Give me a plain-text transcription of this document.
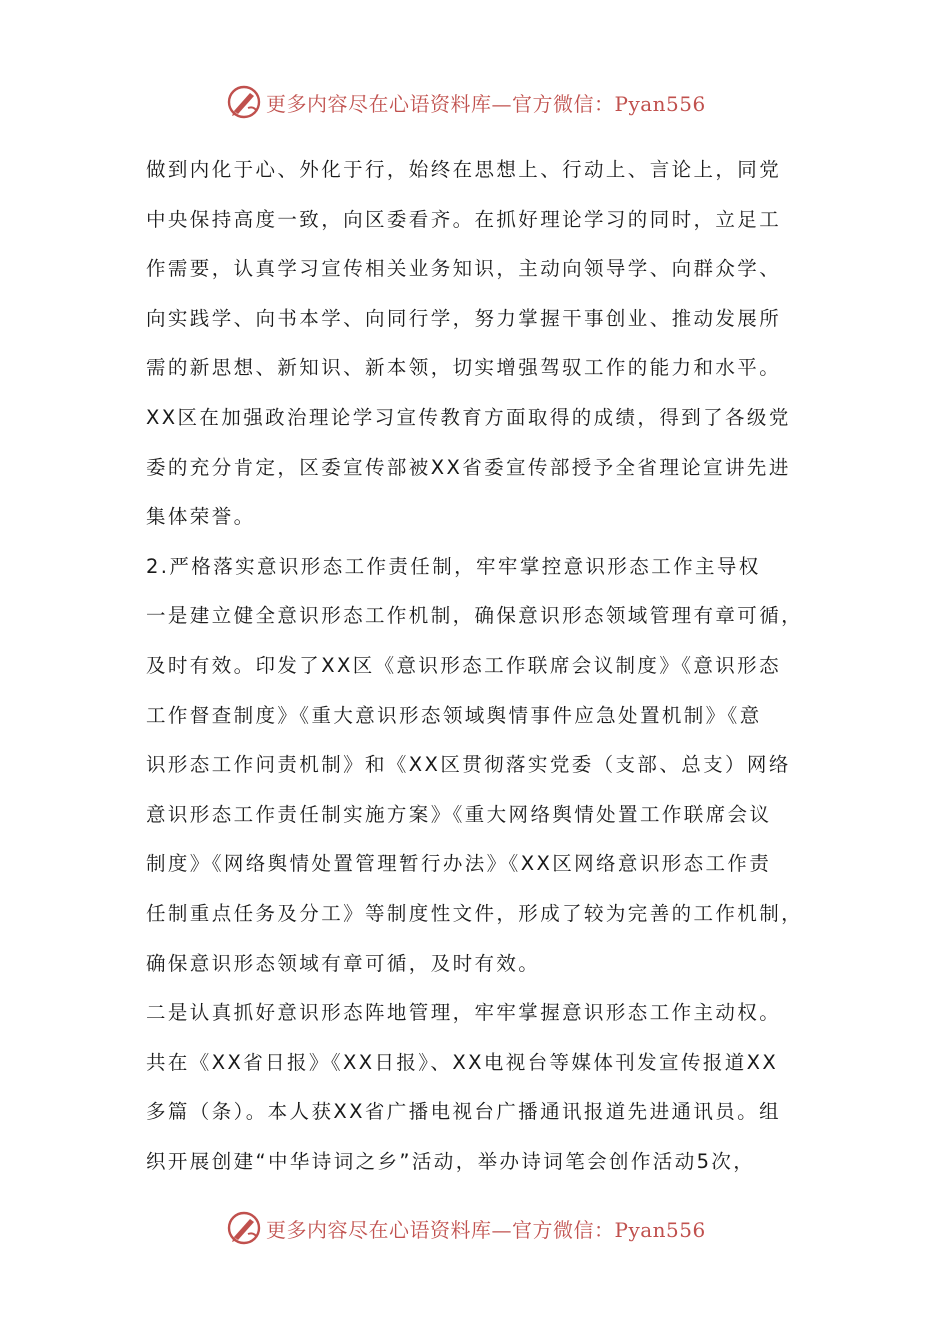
更多内容尽在心语资料库—官方微信：Pyan556
做到内化于心、外化于行，始终在思想上、行动上、言论上，同党
中央保持高度一致，向区委看齐。在抓好理论学习的同时，立足工
作需要，认真学习宣传相关业务知识，主动向领导学、向群众学、
向实践学、向书本学、向同行学，努力掌握干事创业、推动发展所
需的新思想、新知识、新本领，切实增强驾驭工作的能力和水平。
XX区在加强政治理论学习宣传教育方面取得的成绩，得到了各级党
委的充分肯定，区委宣传部被XX省委宣传部授予全省理论宣讲先进
集体荣誉。
2.严格落实意识形态工作责任制，牢牢掌控意识形态工作主导权
一是建立健全意识形态工作机制，确保意识形态领域管理有章可循，
及时有效。印发了XX区《意识形态工作联席会议制度》《意识形态
工作督查制度》《重大意识形态领域舆情事件应急处置机制》《意
识形态工作问责机制》和《XX区贯彻落实党委（支部、总支）网络
意识形态工作责任制实施方案》《重大网络舆情处置工作联席会议
制度》《网络舆情处置管理暂行办法》《XX区网络意识形态工作责
任制重点任务及分工》等制度性文件，形成了较为完善的工作机制，
确保意识形态领域有章可循，及时有效。
二是认真抓好意识形态阵地管理，牢牢掌握意识形态工作主动权。
共在《XX省日报》《XX日报》、XX电视台等媒体刊发宣传报道XX
多篇（条）。本人获XX省广播电视台广播通讯报道先进通讯员。组
织开展创建“中华诗词之乡”活动，举办诗词笔会创作活动5次，
更多内容尽在心语资料库—官方微信：Pyan556
